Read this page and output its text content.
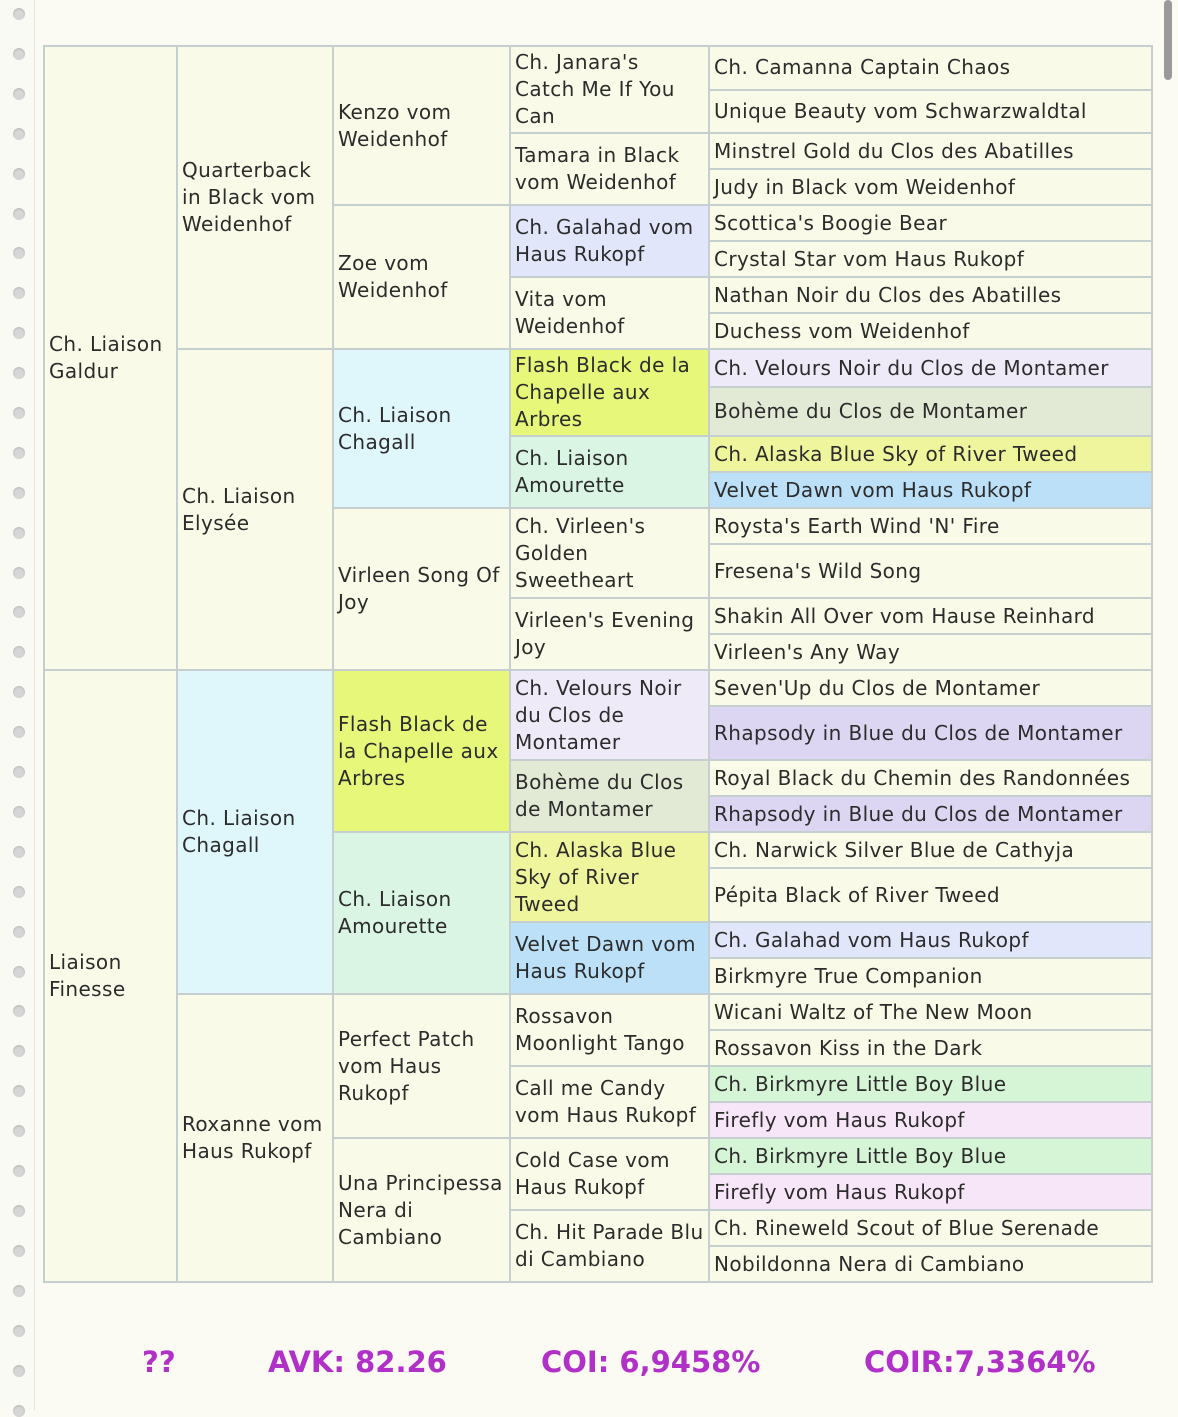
Ch. Liaison Galdur	Quarterback in Black vom Weidenhof	Kenzo vom Weidenhof	Ch. Janara's Catch Me If You Can	Ch. Camanna Captain Chaos
				Unique Beauty vom Schwarzwaldtal
			Tamara in Black vom Weidenhof	Minstrel Gold du Clos des Abatilles
				Judy in Black vom Weidenhof
		Zoe vom Weidenhof	Ch. Galahad vom Haus Rukopf	Scottica's Boogie Bear
				Crystal Star vom Haus Rukopf
			Vita vom Weidenhof	Nathan Noir du Clos des Abatilles
				Duchess vom Weidenhof
	Ch. Liaison Elysée	Ch. Liaison Chagall	Flash Black de la Chapelle aux Arbres	Ch. Velours Noir du Clos de Montamer
				Bohème du Clos de Montamer
			Ch. Liaison Amourette	Ch. Alaska Blue Sky of River Tweed
				Velvet Dawn vom Haus Rukopf
		Virleen Song Of Joy	Ch. Virleen's Golden Sweetheart	Roysta's Earth Wind 'N' Fire
				Fresena's Wild Song
			Virleen's Evening Joy	Shakin All Over vom Hause Reinhard
				Virleen's Any Way
Liaison Finesse	Ch. Liaison Chagall	Flash Black de la Chapelle aux Arbres	Ch. Velours Noir du Clos de Montamer	Seven'Up du Clos de Montamer
				Rhapsody in Blue du Clos de Montamer
			Bohème du Clos de Montamer	Royal Black du Chemin des Randonnées
				Rhapsody in Blue du Clos de Montamer
		Ch. Liaison Amourette	Ch. Alaska Blue Sky of River Tweed	Ch. Narwick Silver Blue de Cathyja
				Pépita Black of River Tweed
			Velvet Dawn vom Haus Rukopf	Ch. Galahad vom Haus Rukopf
				Birkmyre True Companion
	Roxanne vom Haus Rukopf	Perfect Patch vom Haus Rukopf	Rossavon Moonlight Tango	Wicani Waltz of The New Moon
				Rossavon Kiss in the Dark
			Call me Candy vom Haus Rukopf	Ch. Birkmyre Little Boy Blue
				Firefly vom Haus Rukopf
		Una Principessa Nera di Cambiano	Cold Case vom Haus Rukopf	Ch. Birkmyre Little Boy Blue
				Firefly vom Haus Rukopf
			Ch. Hit Parade Blu di Cambiano	Ch. Rineweld Scout of Blue Serenade
				Nobildonna Nera di Cambiano
??	AVK: 82.26	COI: 6,9458%	COIR:7,3364%
